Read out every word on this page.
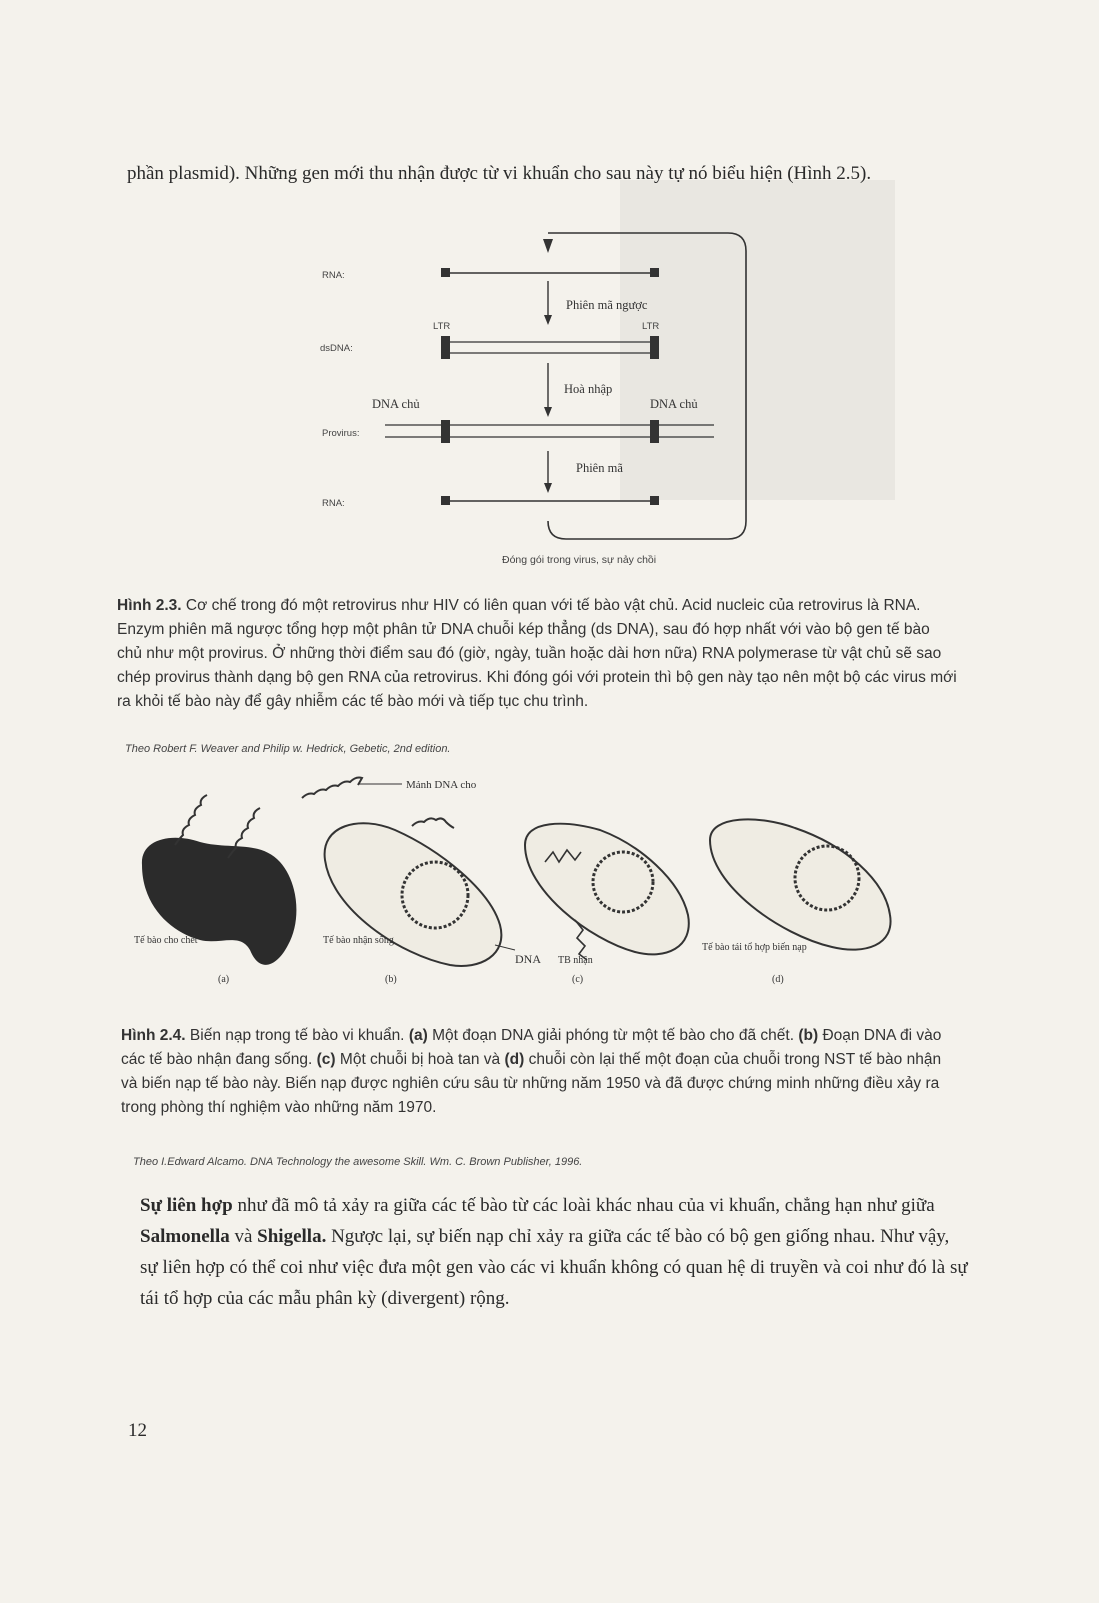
phần plasmid). Những gen mới thu nhận được từ vi khuẩn cho sau này tự nó biểu hiện (Hình 2.5).

RNA:
Phiên mã ngược
LTR	LTR
dsDNA:
Hoà nhập
DNA chủ	DNA chủ
Provirus:
Phiên mã
RNA:
Đóng gói trong virus, sự nảy chồi
Hình 2.3. Cơ chế trong đó một retrovirus như HIV có liên quan với tế bào vật chủ. Acid nucleic của retrovirus là RNA. Enzym phiên mã ngược tổng hợp một phân tử DNA chuỗi kép thẳng (ds DNA), sau đó hợp nhất với vào bộ gen tế bào chủ như một provirus. Ở những thời điểm sau đó (giờ, ngày, tuần hoặc dài hơn nữa) RNA polymerase từ vật chủ sẽ sao chép provirus thành dạng bộ gen RNA của retrovirus. Khi đóng gói với protein thì bộ gen này tạo nên một bộ các virus mới ra khỏi tế bào này để gây nhiễm các tế bào mới và tiếp tục chu trình.
Theo Robert F. Weaver and Philip w. Hedrick, Gebetic, 2nd edition.
Tế bào cho chết
(a)
Mảnh DNA cho
Tế bào nhận sống
(b)
DNA TB nhận
(c)
Tế bào tái tổ hợp biến nạp
(d)
Hình 2.4. Biến nạp trong tế bào vi khuẩn. (a) Một đoạn DNA giải phóng từ một tế bào cho đã chết. (b) Đoạn DNA đi vào các tế bào nhận đang sống. (c) Một chuỗi bị hoà tan và (d) chuỗi còn lại thế một đoạn của chuỗi trong NST tế bào nhận và biến nạp tế bào này. Biến nạp được nghiên cứu sâu từ những năm 1950 và đã được chứng minh những điều xảy ra trong phòng thí nghiệm vào những năm 1970.
Theo I.Edward Alcamo. DNA Technology the awesome Skill. Wm. C. Brown Publisher, 1996.

Sự liên hợp như đã mô tả xảy ra giữa các tế bào từ các loài khác nhau của vi khuẩn, chẳng hạn như giữa Salmonella và Shigella. Ngược lại, sự biến nạp chỉ xảy ra giữa các tế bào có bộ gen giống nhau. Như vậy, sự liên hợp có thể coi như việc đưa một gen vào các vi khuẩn không có quan hệ di truyền và coi như đó là sự tái tổ hợp của các mẫu phân kỳ (divergent) rộng.

12
